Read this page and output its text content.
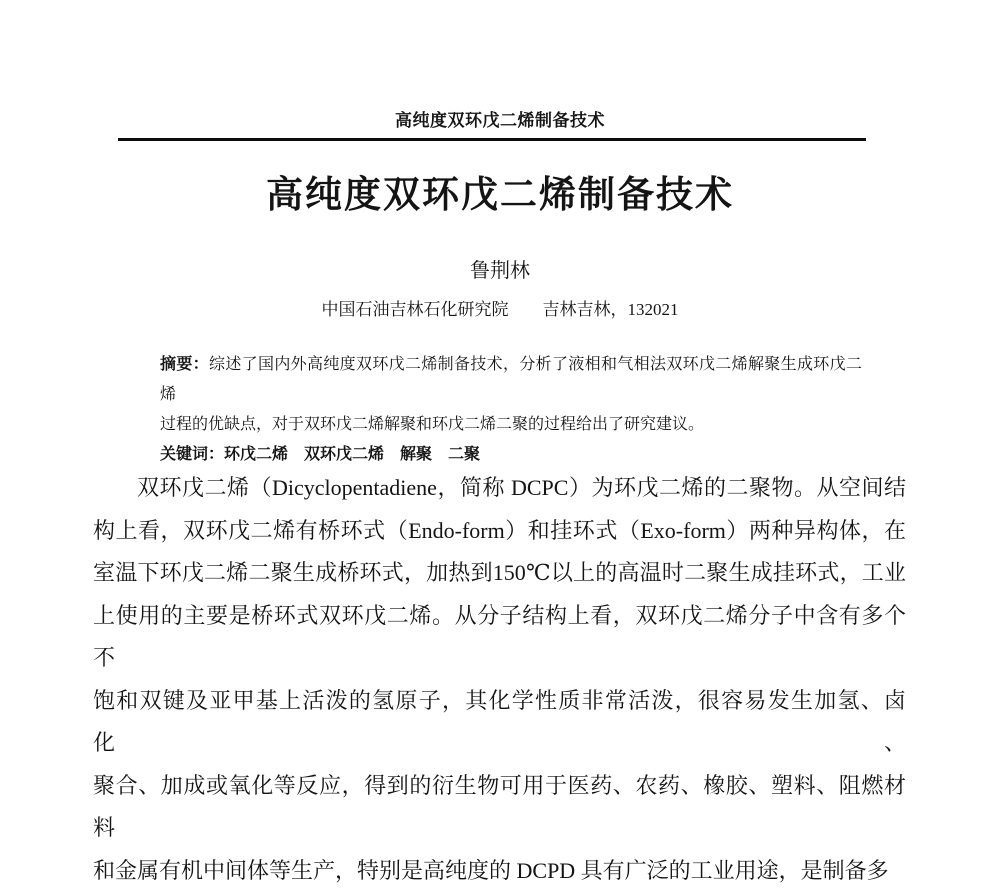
高纯度双环戊二烯制备技术
高纯度双环戊二烯制备技术
鲁荆林
中国石油吉林石化研究院　　吉林吉林，132021
摘要：综述了国内外高纯度双环戊二烯制备技术，分析了液相和气相法双环戊二烯解聚生成环戊二烯
过程的优缺点，对于双环戊二烯解聚和环戊二烯二聚的过程给出了研究建议。
关键词：环戊二烯　双环戊二烯　解聚　二聚
双环戊二烯（Dicyclopentadiene，简称 DCPC）为环戊二烯的二聚物。从空间结
构上看，双环戊二烯有桥环式（Endo-form）和挂环式（Exo-form）两种异构体，在
室温下环戊二烯二聚生成桥环式，加热到150℃以上的高温时二聚生成挂环式，工业
上使用的主要是桥环式双环戊二烯。从分子结构上看，双环戊二烯分子中含有多个不
饱和双键及亚甲基上活泼的氢原子，其化学性质非常活泼，很容易发生加氢、卤化、
聚合、加成或氧化等反应，得到的衍生物可用于医药、农药、橡胶、塑料、阻燃材料
和金属有机中间体等生产，特别是高纯度的 DCPD 具有广泛的工业用途，是制备多
